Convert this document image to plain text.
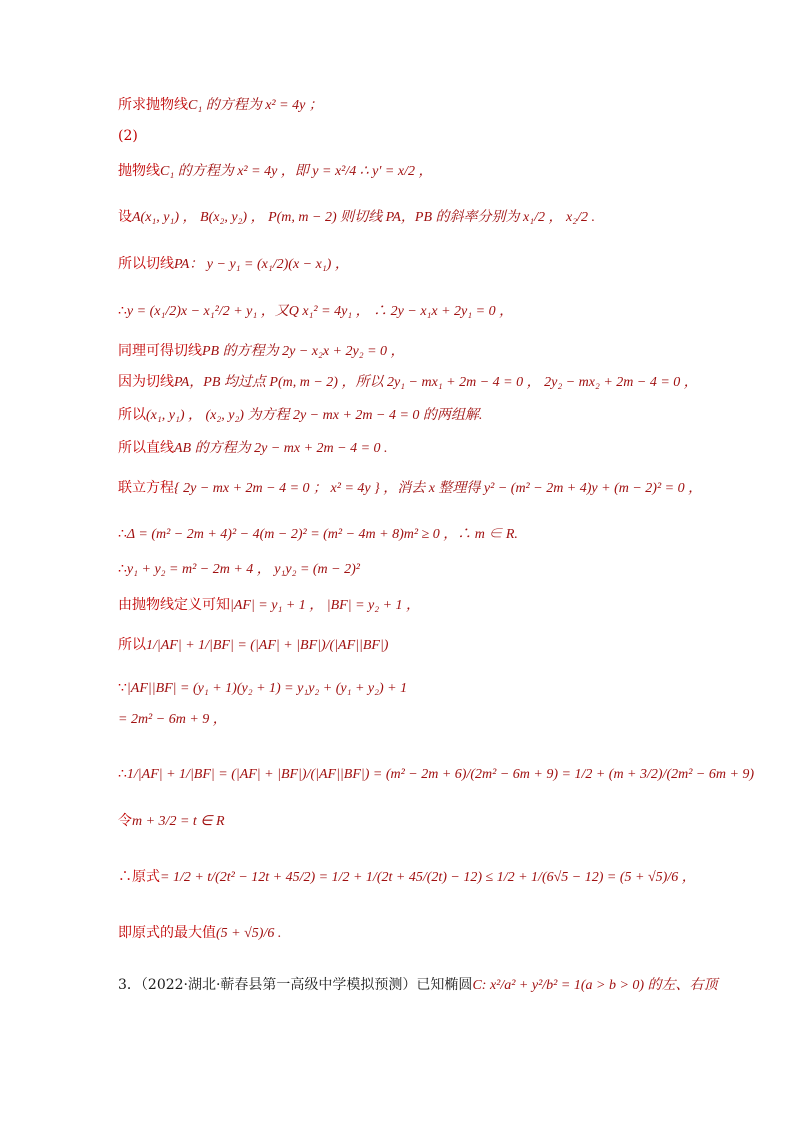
所求抛物线C₁ 的方程为 x² = 4y ；
(2)
抛物线C₁ 的方程为 x² = 4y ，即 y = x²/4 ∴ y′ = x/2 ，
设A(x₁, y₁) ， B(x₂, y₂) ， P(m, m − 2) 则切线 PA，PB 的斜率分别为 x₁/2 ， x₂/2 .
所以切线PA： y − y₁ = (x₁/2)(x − x₁) ，
∴y = (x₁/2)x − x₁²/2 + y₁ ，又Q x₁² = 4y₁ ， ∴ 2y − x₁x + 2y₁ = 0 ，
同理可得切线PB 的方程为 2y − x₂x + 2y₂ = 0 ，
因为切线PA，PB 均过点 P(m, m − 2) ，所以 2y₁ − mx₁ + 2m − 4 = 0 ， 2y₂ − mx₂ + 2m − 4 = 0 ，
所以(x₁, y₁) ， (x₂, y₂) 为方程 2y − mx + 2m − 4 = 0 的两组解.
所以直线AB 的方程为 2y − mx + 2m − 4 = 0 .
联立方程{ 2y − mx + 2m − 4 = 0 ； x² = 4y } ，消去 x 整理得 y² − (m² − 2m + 4)y + (m − 2)² = 0 ，
∴Δ = (m² − 2m + 4)² − 4(m − 2)² = (m² − 4m + 8)m² ≥ 0 ，∴ m ∈ R.
∴y₁ + y₂ = m² − 2m + 4 ， y₁y₂ = (m − 2)²
由抛物线定义可知|AF| = y₁ + 1 ， |BF| = y₂ + 1 ，
所以1/|AF| + 1/|BF| = (|AF| + |BF|)/(|AF||BF|)
∵|AF||BF| = (y₁ + 1)(y₂ + 1) = y₁y₂ + (y₁ + y₂) + 1
= 2m² − 6m + 9 ，
∴1/|AF| + 1/|BF| = (|AF| + |BF|)/(|AF||BF|) = (m² − 2m + 6)/(2m² − 6m + 9) = 1/2 + (m + 3/2)/(2m² − 6m + 9)
令m + 3/2 = t ∈ R
∴原式= 1/2 + t/(2t² − 12t + 45/2) = 1/2 + 1/(2t + 45/(2t) − 12) ≤ 1/2 + 1/(6√5 − 12) = (5 + √5)/6 ，
即原式的最大值(5 + √5)/6 .
3．（2022·湖北·蕲春县第一高级中学模拟预测）已知椭圆C: x²/a² + y²/b² = 1(a > b > 0) 的左、右顶
